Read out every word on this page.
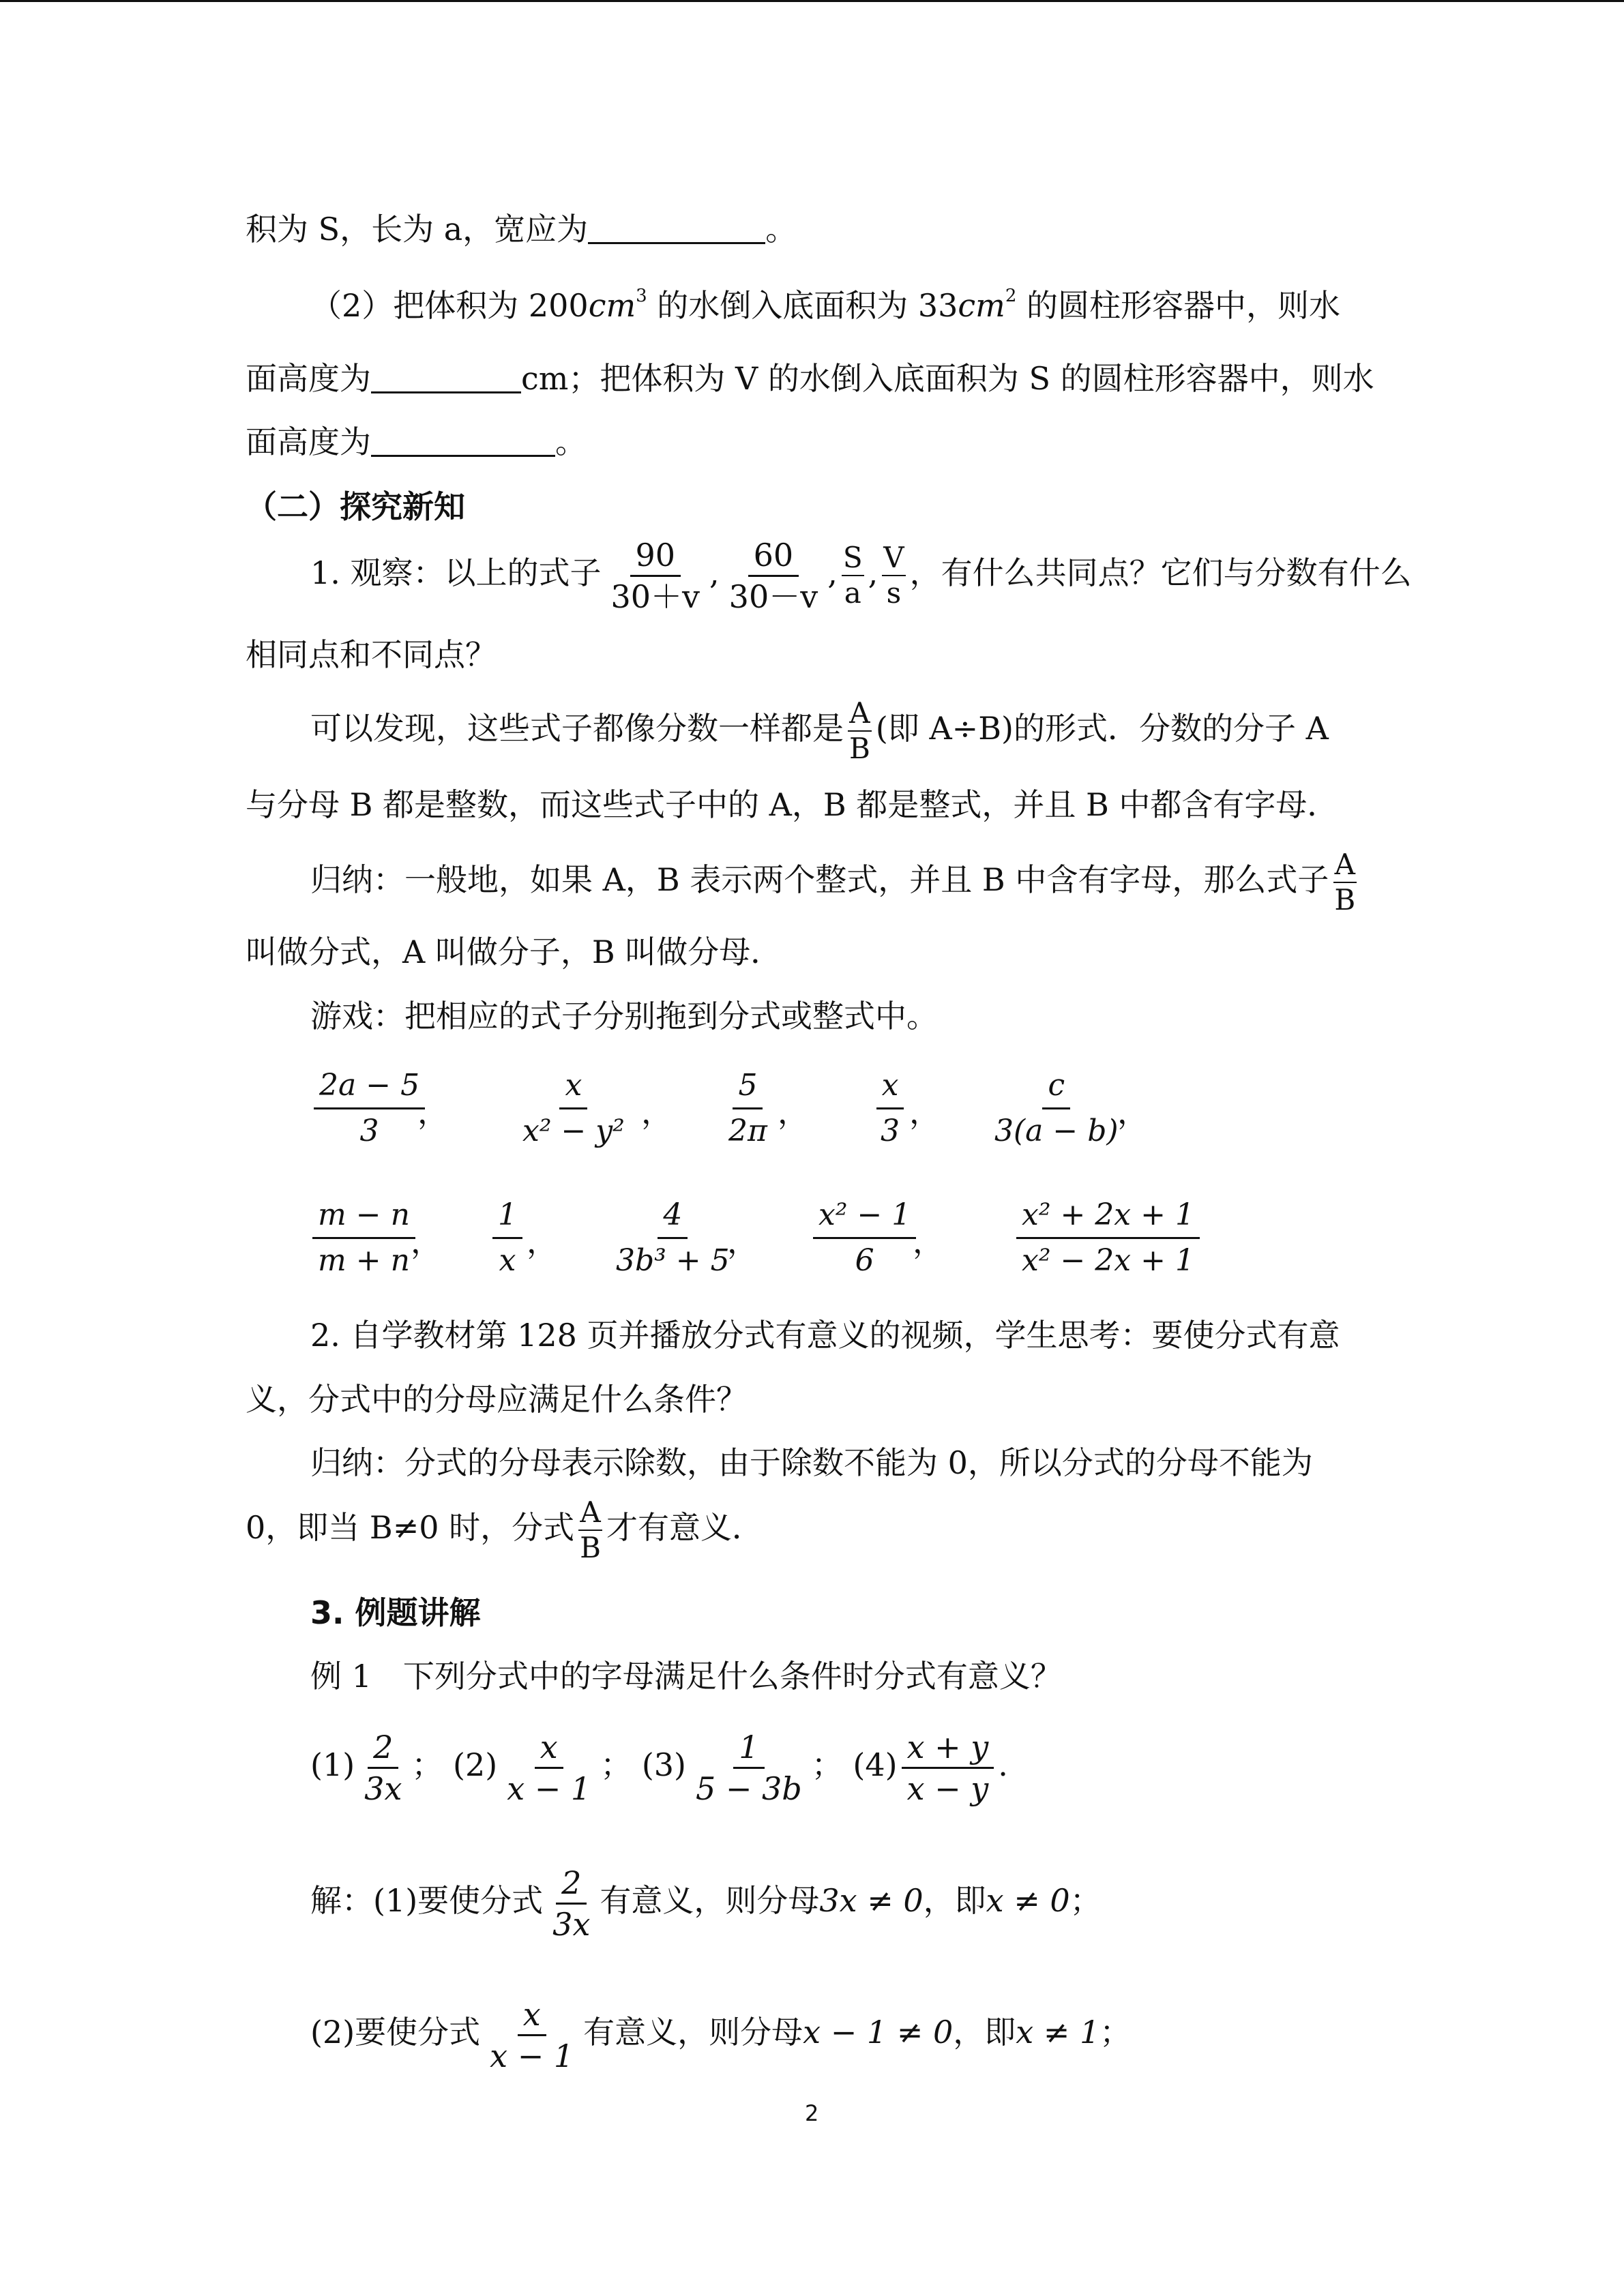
积为 S，长为 a，宽应为	。
（2）把体积为 $200cm^3$ 的水倒入底面积为 $33cm^2$ 的圆柱形容器中，则水
面高度为	cm；把体积为 V 的水倒入底面积为 S 的圆柱形容器中，则水
面高度为	。
（二）探究新知
1. 观察：以上的式子 $\frac{90}{30+v}$ , $\frac{60}{30-v}$ , $\frac{S}{a}$ , $\frac{V}{s}$ ，有什么共同点？它们与分数有什么
相同点和不同点？
可以发现，这些式子都像分数一样都是 $\frac{A}{B}$ (即 A÷B)的形式．分数的分子 A
与分母 B 都是整数，而这些式子中的 A，B 都是整式，并且 B 中都含有字母．
归纳：一般地，如果 A，B 表示两个整式，并且 B 中含有字母，那么式子 $\frac{A}{B}$
叫做分式，A 叫做分子，B 叫做分母．
游戏：把相应的式子分别拖到分式或整式中。
2a − 5
3
，
x
x² − y²
，
5
2π
，
x
3
，
c
3(a − b)
，
m − n
m + n
，
1
x
，
4
3b³ + 5
，
x² − 1
6
，
x² + 2x + 1
x² − 2x + 1
2. 自学教材第 128 页并播放分式有意义的视频，学生思考：要使分式有意
义，分式中的分母应满足什么条件？
归纳：分式的分母表示除数，由于除数不能为 0，所以分式的分母不能为
0，即当 B≠0 时，分式 $\frac{A}{B}$ 才有意义．
3. 例题讲解
例 1　下列分式中的字母满足什么条件时分式有意义？
$(1) \frac{2}{3x}$ ； $(2) \frac{x}{x - 1}$ ； $(3) \frac{1}{5 - 3b}$ ； $(4) \frac{x + y}{x - y}$ .
解：(1)要使分式 $\frac{2}{3x}$ 有意义，则分母3x ≠ 0，即x ≠ 0；
(2)要使分式 $\frac{x}{x - 1}$ 有意义，则分母x − 1 ≠ 0，即x ≠ 1；
2
